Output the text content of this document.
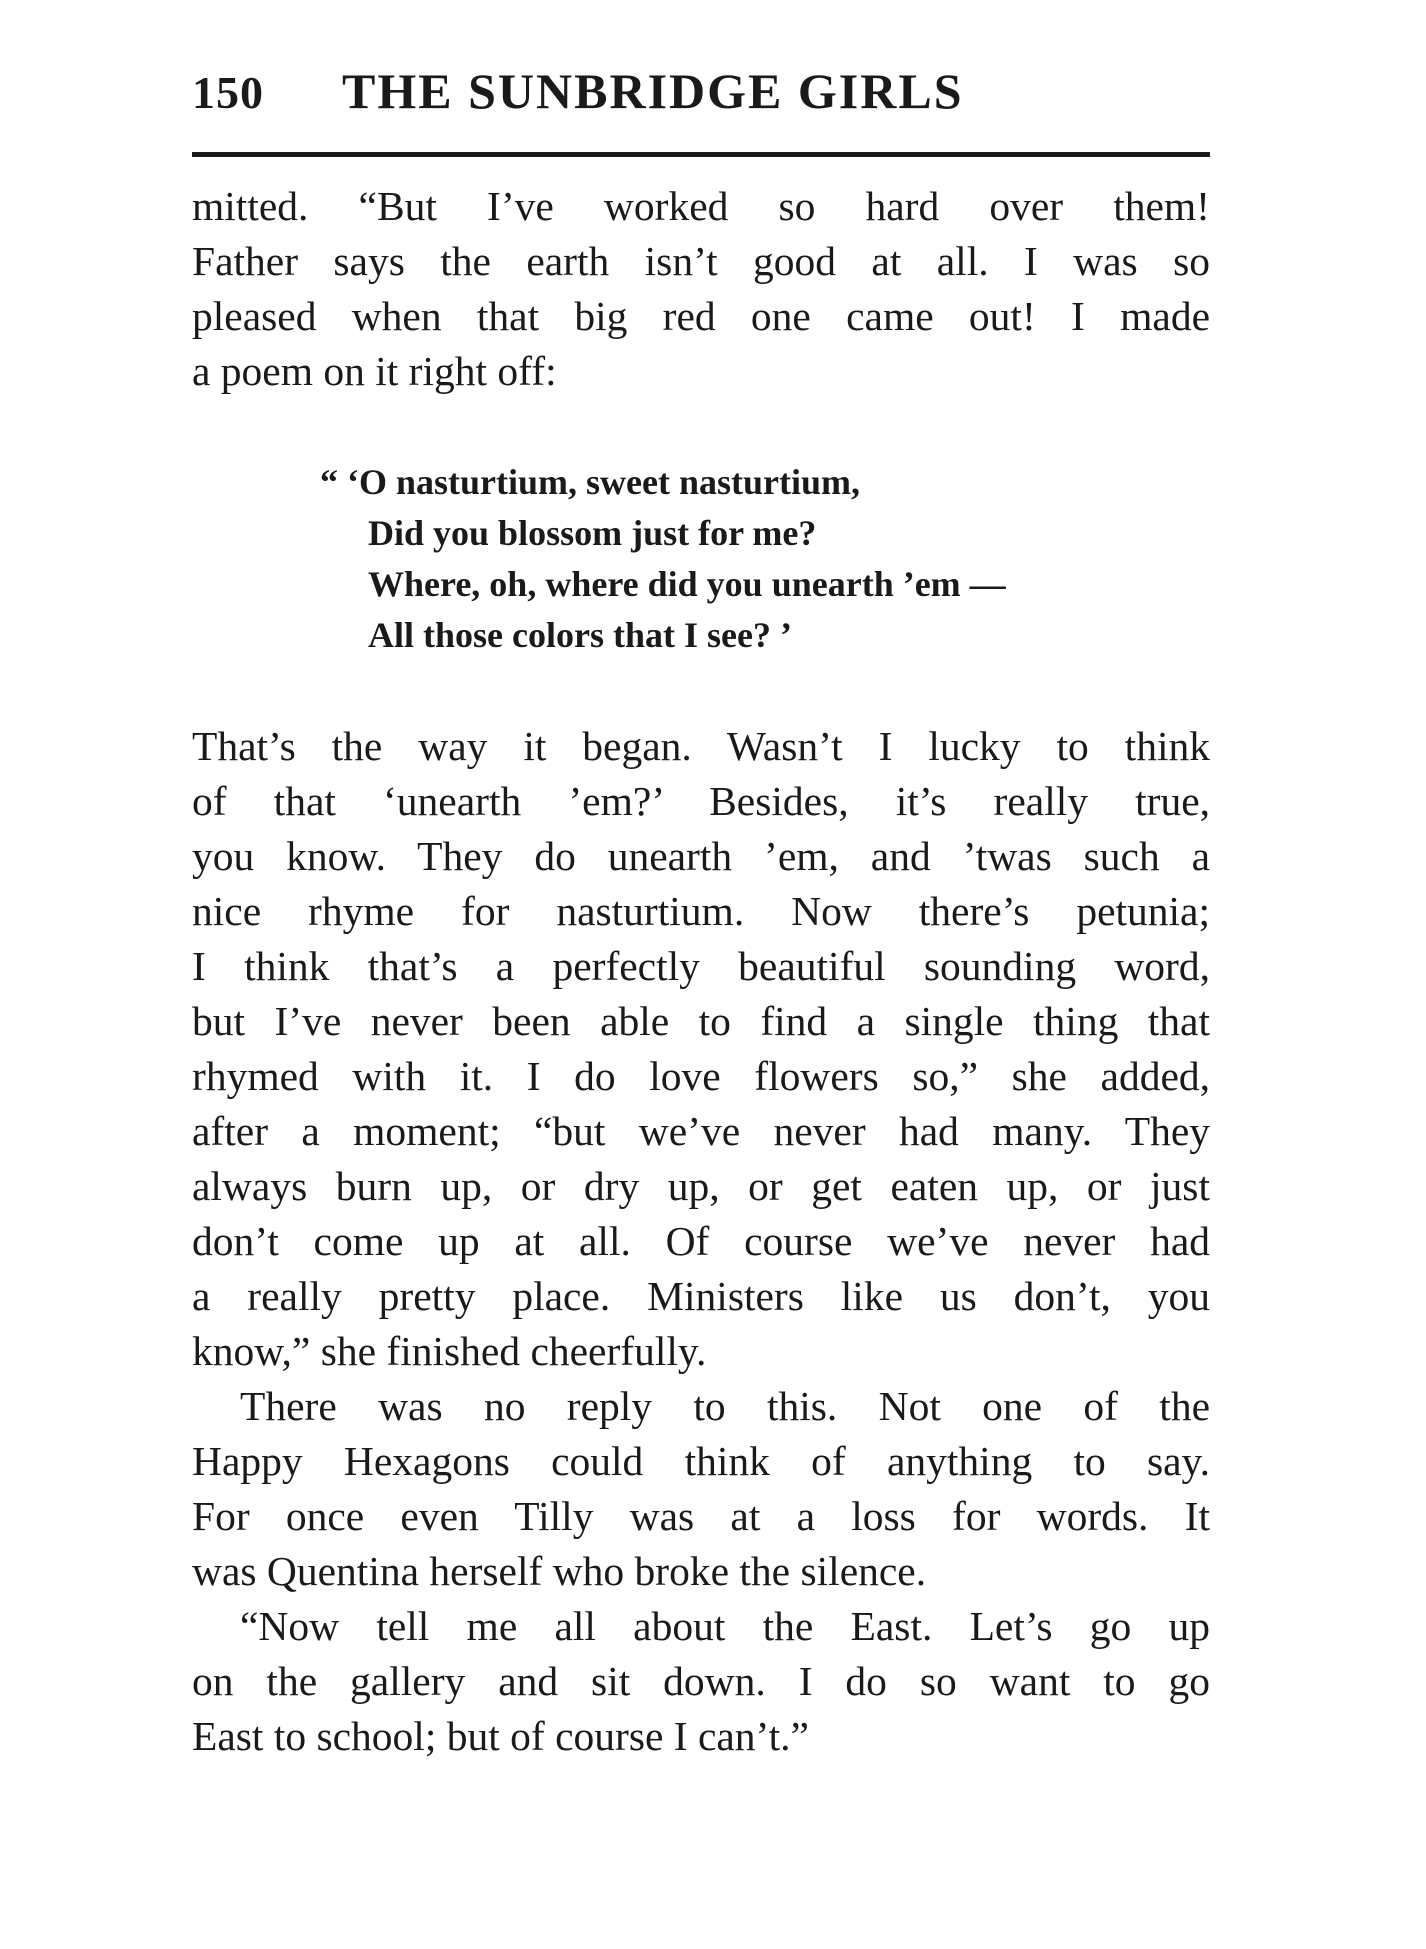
150	THE SUNBRIDGE GIRLS
mitted. “But I’ve worked so hard over them!
Father says the earth isn’t good at all. I was so
pleased when that big red one came out! I made
a poem on it right off:
“ ‘O nasturtium, sweet nasturtium,
Did you blossom just for me?
Where, oh, where did you unearth ’em —
All those colors that I see? ’
That’s the way it began. Wasn’t I lucky to think
of that ‘unearth ’em?’ Besides, it’s really true,
you know. They do unearth ’em, and ’twas such a
nice rhyme for nasturtium. Now there’s petunia;
I think that’s a perfectly beautiful sounding word,
but I’ve never been able to find a single thing that
rhymed with it. I do love flowers so,” she added,
after a moment; “but we’ve never had many. They
always burn up, or dry up, or get eaten up, or just
don’t come up at all. Of course we’ve never had
a really pretty place. Ministers like us don’t, you
know,” she finished cheerfully.
There was no reply to this. Not one of the
Happy Hexagons could think of anything to say.
For once even Tilly was at a loss for words. It
was Quentina herself who broke the silence.
“Now tell me all about the East. Let’s go up
on the gallery and sit down. I do so want to go
East to school; but of course I can’t.”
